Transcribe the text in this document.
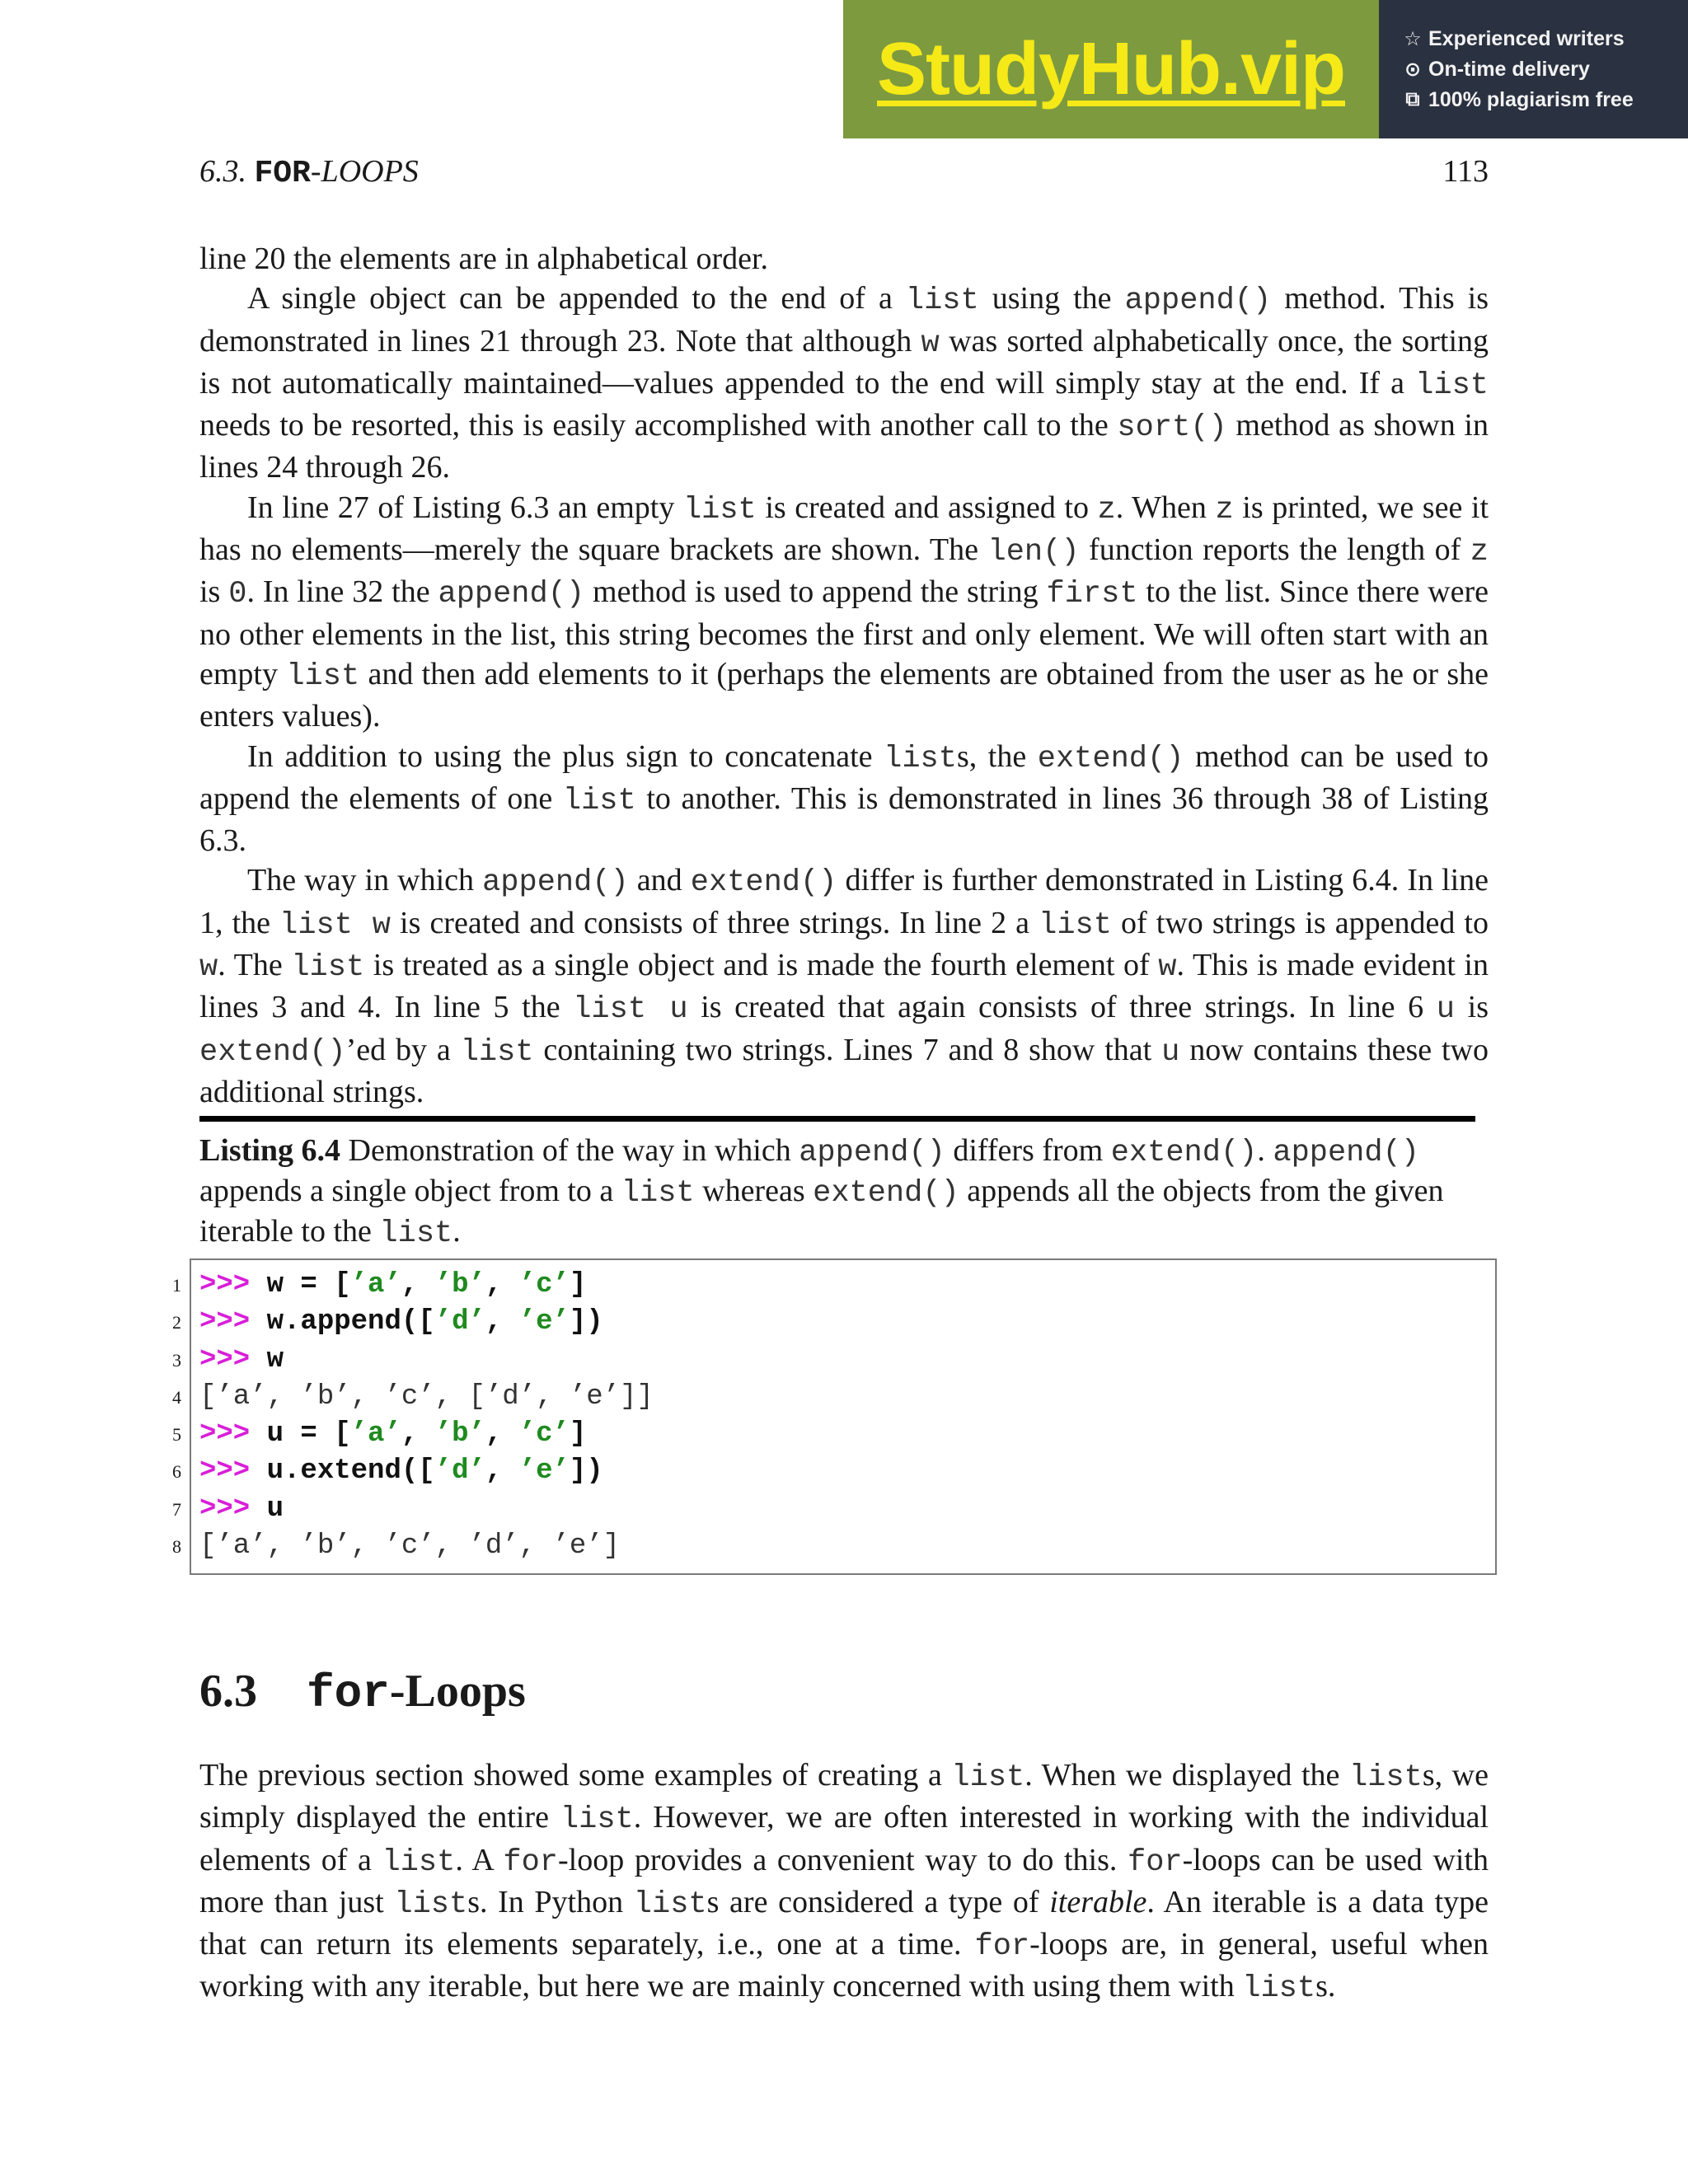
StudyHub.vip	☆ Experienced writers
⊙ On-time delivery
⧉ 100% plagiarism free
6.3. FOR-LOOPS	113

line 20 the elements are in alphabetical order.

A single object can be appended to the end of a list using the append() method. This is demonstrated in lines 21 through 23. Note that although w was sorted alphabetically once, the sorting is not automatically maintained—values appended to the end will simply stay at the end. If a list needs to be resorted, this is easily accomplished with another call to the sort() method as shown in lines 24 through 26.

In line 27 of Listing 6.3 an empty list is created and assigned to z. When z is printed, we see it has no elements—merely the square brackets are shown. The len() function reports the length of z is 0. In line 32 the append() method is used to append the string first to the list. Since there were no other elements in the list, this string becomes the first and only element. We will often start with an empty list and then add elements to it (perhaps the elements are obtained from the user as he or she enters values).

In addition to using the plus sign to concatenate lists, the extend() method can be used to append the elements of one list to another. This is demonstrated in lines 36 through 38 of Listing 6.3.

The way in which append() and extend() differ is further demonstrated in Listing 6.4. In line 1, the list w is created and consists of three strings. In line 2 a list of two strings is appended to w. The list is treated as a single object and is made the fourth element of w. This is made evident in lines 3 and 4. In line 5 the list u is created that again consists of three strings. In line 6 u is extend()’ed by a list containing two strings. Lines 7 and 8 show that u now contains these two additional strings.

Listing 6.4 Demonstration of the way in which append() differs from extend(). append() appends a single object from to a list whereas extend() appends all the objects from the given iterable to the list.
1
2
3
4
5
6
7
8
>>> w = [’a’, ’b’, ’c’]
>>> w.append([’d’, ’e’])
>>> w
[’a’, ’b’, ’c’, [’d’, ’e’]]
>>> u = [’a’, ’b’, ’c’]
>>> u.extend([’d’, ’e’])
>>> u
[’a’, ’b’, ’c’, ’d’, ’e’]
6.3 for-Loops

The previous section showed some examples of creating a list. When we displayed the lists, we simply displayed the entire list. However, we are often interested in working with the individual elements of a list. A for-loop provides a convenient way to do this. for-loops can be used with more than just lists. In Python lists are considered a type of iterable. An iterable is a data type that can return its elements separately, i.e., one at a time. for-loops are, in general, useful when working with any iterable, but here we are mainly concerned with using them with lists.
